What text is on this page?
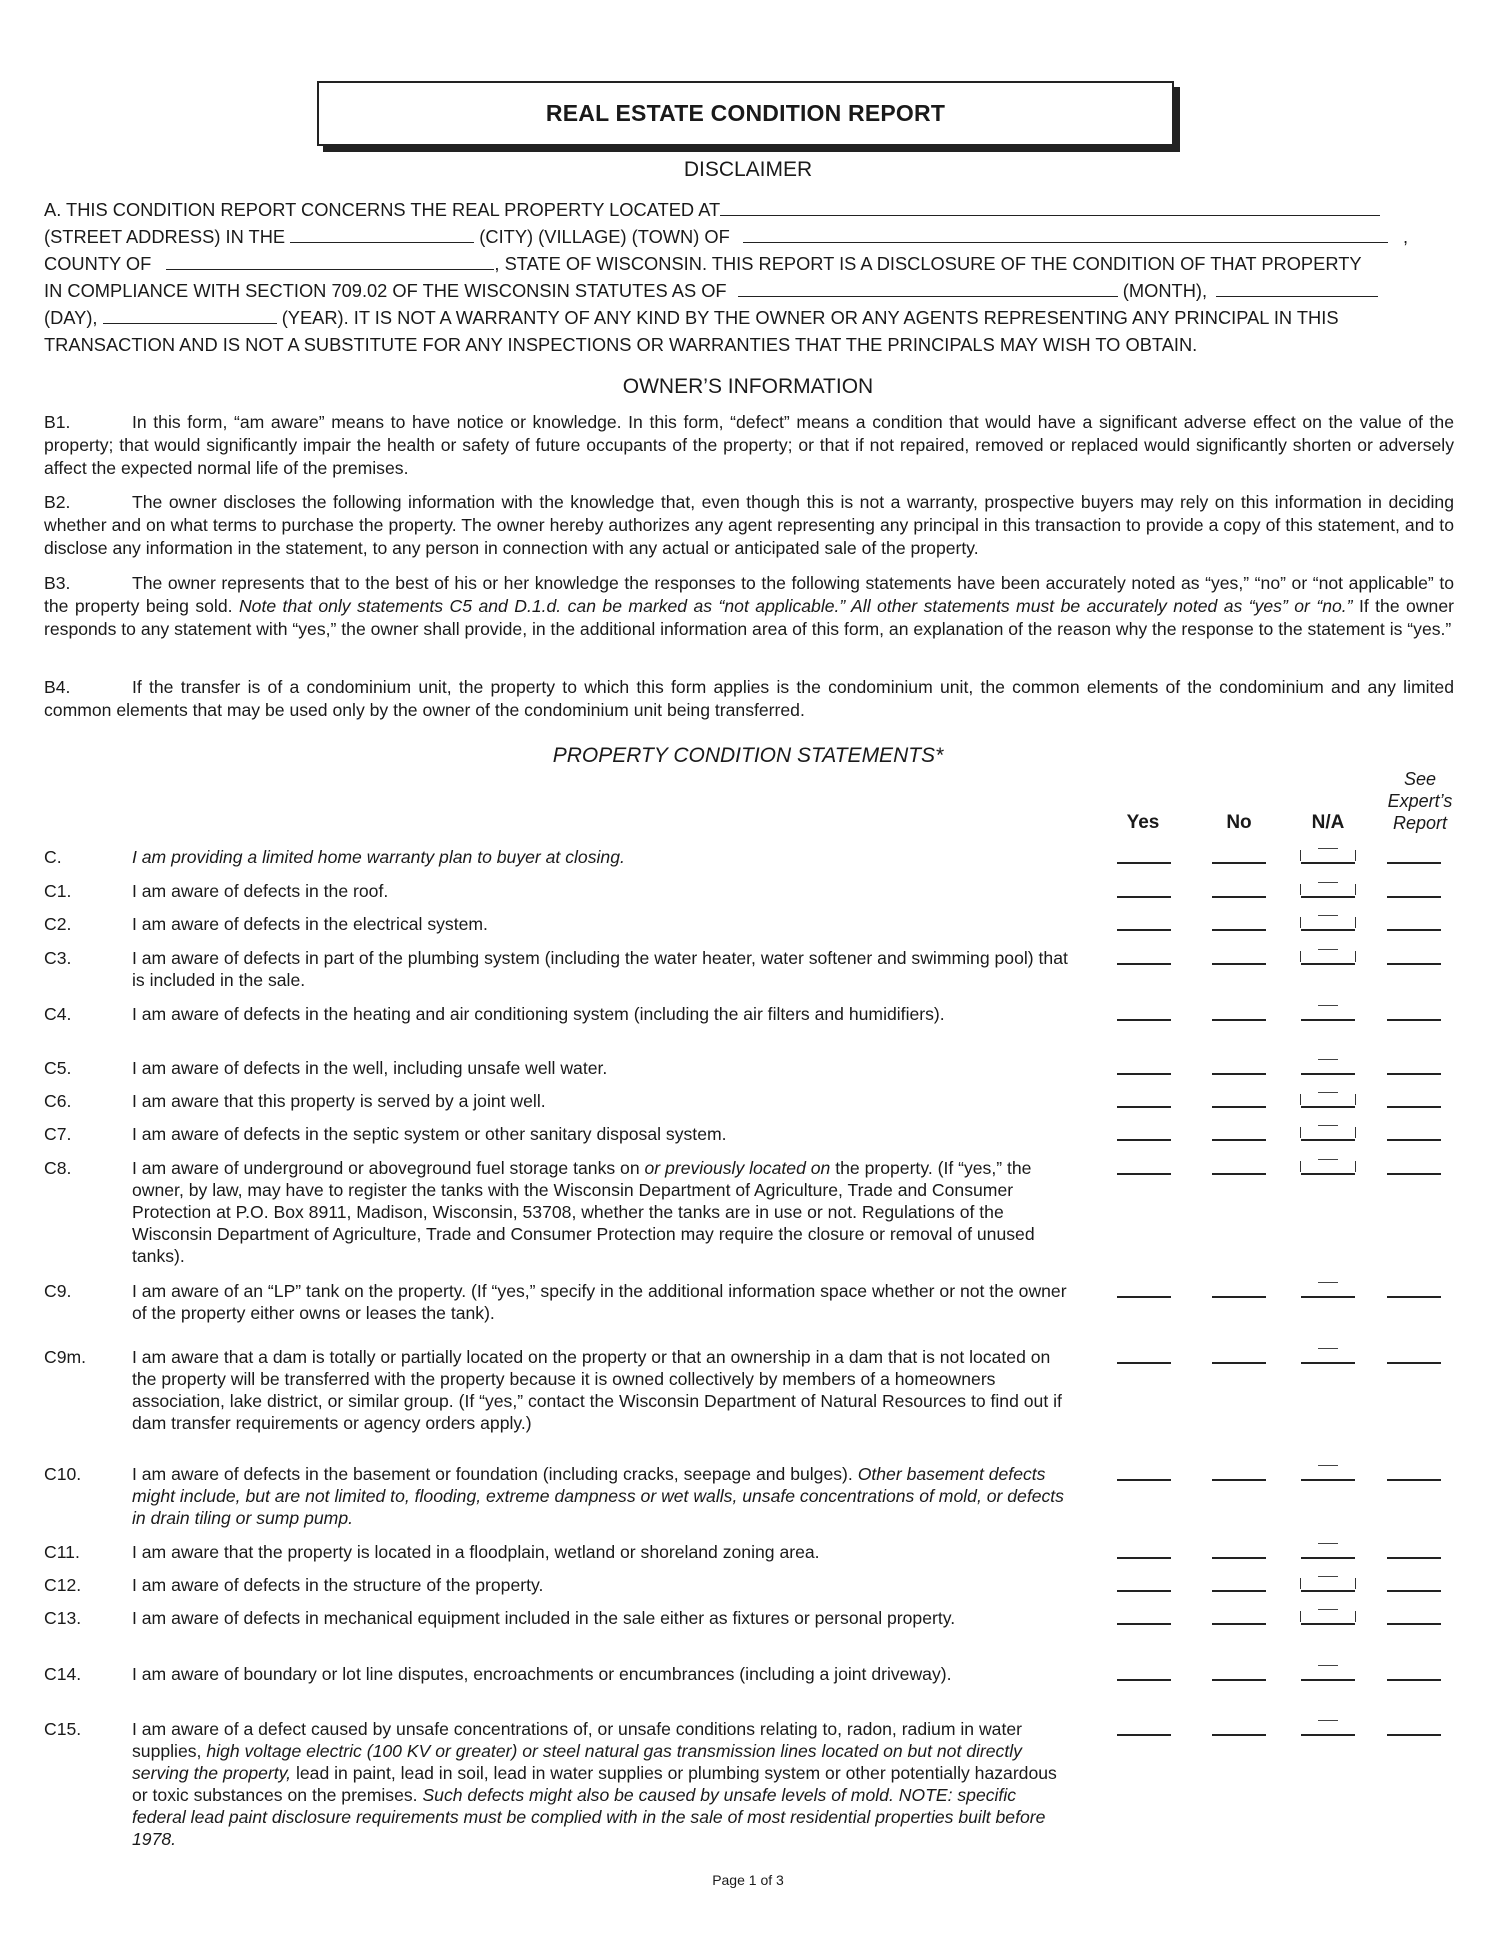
REAL ESTATE CONDITION REPORT
DISCLAIMER
A. THIS CONDITION REPORT CONCERNS THE REAL PROPERTY LOCATED AT
(STREET ADDRESS) IN THE	(CITY) (VILLAGE) (TOWN) OF	,
COUNTY OF	, STATE OF WISCONSIN. THIS REPORT IS A DISCLOSURE OF THE CONDITION OF THAT PROPERTY
IN COMPLIANCE WITH SECTION 709.02 OF THE WISCONSIN STATUTES AS OF	(MONTH),
(DAY),	(YEAR). IT IS NOT A WARRANTY OF ANY KIND BY THE OWNER OR ANY AGENTS REPRESENTING ANY PRINCIPAL IN THIS
TRANSACTION AND IS NOT A SUBSTITUTE FOR ANY INSPECTIONS OR WARRANTIES THAT THE PRINCIPALS MAY WISH TO OBTAIN.
OWNER’S INFORMATION
B1.	In this form, “am aware” means to have notice or knowledge. In this form, “defect” means a condition that would have a significant adverse effect on the value of the property; that would significantly impair the health or safety of future occupants of the property; or that if not repaired, removed or replaced would significantly shorten or adversely affect the expected normal life of the premises.
B2.	The owner discloses the following information with the knowledge that, even though this is not a warranty, prospective buyers may rely on this information in deciding whether and on what terms to purchase the property. The owner hereby authorizes any agent representing any principal in this transaction to provide a copy of this statement, and to disclose any information in the statement, to any person in connection with any actual or anticipated sale of the property.
B3.	The owner represents that to the best of his or her knowledge the responses to the following statements have been accurately noted as “yes,” “no” or “not applicable” to the property being sold. Note that only statements C5 and D.1.d. can be marked as “not applicable.” All other statements must be accurately noted as “yes” or “no.” If the owner responds to any statement with “yes,” the owner shall provide, in the additional information area of this form, an explanation of the reason why the response to the statement is “yes.”
B4.	If the transfer is of a condominium unit, the property to which this form applies is the condominium unit, the common elements of the condominium and any limited common elements that may be used only by the owner of the condominium unit being transferred.
PROPERTY CONDITION STATEMENTS*
Yes	No	N/A
See
Expert’s
Report
C.	I am providing a limited home warranty plan to buyer at closing.
C1.	I am aware of defects in the roof.
C2.	I am aware of defects in the electrical system.
C3.	I am aware of defects in part of the plumbing system (including the water heater, water softener and swimming pool) that is included in the sale.
C4.	I am aware of defects in the heating and air conditioning system (including the air filters and humidifiers).
C5.	I am aware of defects in the well, including unsafe well water.
C6.	I am aware that this property is served by a joint well.
C7.	I am aware of defects in the septic system or other sanitary disposal system.
C8.	I am aware of underground or aboveground fuel storage tanks on or previously located on the property. (If “yes,” the owner, by law, may have to register the tanks with the Wisconsin Department of Agriculture, Trade and Consumer Protection at P.O. Box 8911, Madison, Wisconsin, 53708, whether the tanks are in use or not. Regulations of the Wisconsin Department of Agriculture, Trade and Consumer Protection may require the closure or removal of unused tanks).
C9.	I am aware of an “LP” tank on the property. (If “yes,” specify in the additional information space whether or not the owner of the property either owns or leases the tank).
C9m.	I am aware that a dam is totally or partially located on the property or that an ownership in a dam that is not located on the property will be transferred with the property because it is owned collectively by members of a homeowners association, lake district, or similar group. (If “yes,” contact the Wisconsin Department of Natural Resources to find out if dam transfer requirements or agency orders apply.)
C10.	I am aware of defects in the basement or foundation (including cracks, seepage and bulges). Other basement defects might include, but are not limited to, flooding, extreme dampness or wet walls, unsafe concentrations of mold, or defects in drain tiling or sump pump.
C11.	I am aware that the property is located in a floodplain, wetland or shoreland zoning area.
C12.	I am aware of defects in the structure of the property.
C13.	I am aware of defects in mechanical equipment included in the sale either as fixtures or personal property.
C14.	I am aware of boundary or lot line disputes, encroachments or encumbrances (including a joint driveway).
C15.	I am aware of a defect caused by unsafe concentrations of, or unsafe conditions relating to, radon, radium in water supplies, high voltage electric (100 KV or greater) or steel natural gas transmission lines located on but not directly serving the property, lead in paint, lead in soil, lead in water supplies or plumbing system or other potentially hazardous or toxic substances on the premises. Such defects might also be caused by unsafe levels of mold. NOTE: specific federal lead paint disclosure requirements must be complied with in the sale of most residential properties built before 1978.
Page 1 of 3
